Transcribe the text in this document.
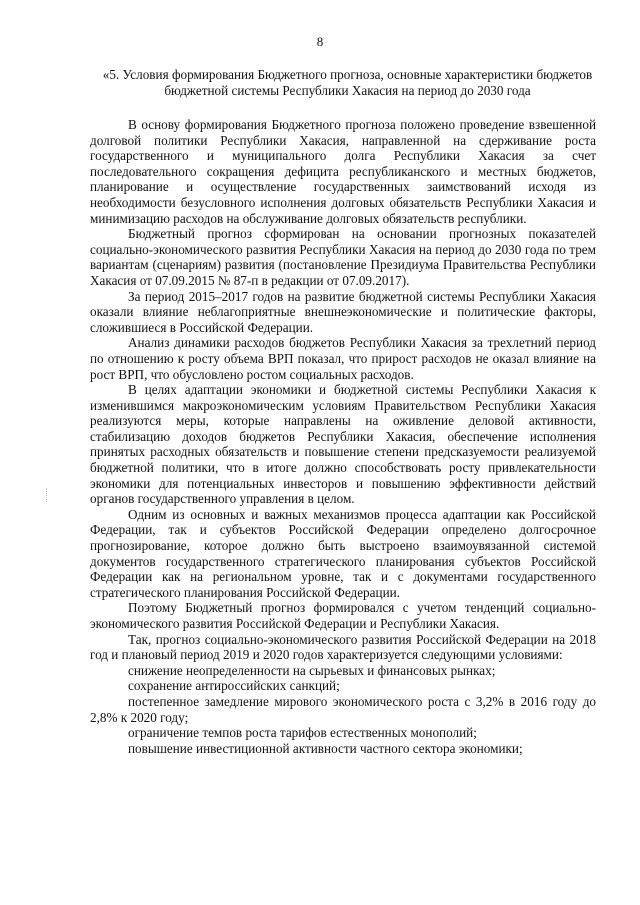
8
«5. Условия формирования Бюджетного прогноза, основные характеристики бюджетов бюджетной системы Республики Хакасия на период до 2030 года

В основу формирования Бюджетного прогноза положено проведение взвешенной долговой политики Республики Хакасия, направленной на сдерживание роста государственного и муниципального долга Республики Хакасия за счет последовательного сокращения дефицита республиканского и местных бюджетов, планирование и осуществление государственных заимствований исходя из необходимости безусловного исполнения долговых обязательств Республики Хакасия и минимизацию расходов на обслуживание долговых обязательств республики.

Бюджетный прогноз сформирован на основании прогнозных показателей социально-экономического развития Республики Хакасия на период до 2030 года по трем вариантам (сценариям) развития (постановление Президиума Правительства Республики Хакасия от 07.09.2015 № 87-п в редакции от 07.09.2017).

За период 2015–2017 годов на развитие бюджетной системы Республики Хакасия оказали влияние неблагоприятные внешнеэкономические и политические факторы, сложившиеся в Российской Федерации.

Анализ динамики расходов бюджетов Республики Хакасия за трехлетний период по отношению к росту объема ВРП показал, что прирост расходов не оказал влияние на рост ВРП, что обусловлено ростом социальных расходов.

В целях адаптации экономики и бюджетной системы Республики Хакасия к изменившимся макроэкономическим условиям Правительством Республики Хакасия реализуются меры, которые направлены на оживление деловой активности, стабилизацию доходов бюджетов Республики Хакасия, обеспечение исполнения принятых расходных обязательств и повышение степени предсказуемости реализуемой бюджетной политики, что в итоге должно способствовать росту привлекательности экономики для потенциальных инвесторов и повышению эффективности действий органов государственного управления в целом.

Одним из основных и важных механизмов процесса адаптации как Российской Федерации, так и субъектов Российской Федерации определено долгосрочное прогнозирование, которое должно быть выстроено взаимоувязанной системой документов государственного стратегического планирования субъектов Российской Федерации как на региональном уровне, так и с документами государственного стратегического планирования Российской Федерации.

Поэтому Бюджетный прогноз формировался с учетом тенденций социально-экономического развития Российской Федерации и Республики Хакасия.

Так, прогноз социально-экономического развития Российской Федерации на 2018 год и плановый период 2019 и 2020 годов характеризуется следующими условиями:

снижение неопределенности на сырьевых и финансовых рынках;

сохранение антироссийских санкций;

постепенное замедление мирового экономического роста с 3,2% в 2016 году до 2,8% к 2020 году;

ограничение темпов роста тарифов естественных монополий;

повышение инвестиционной активности частного сектора экономики;
